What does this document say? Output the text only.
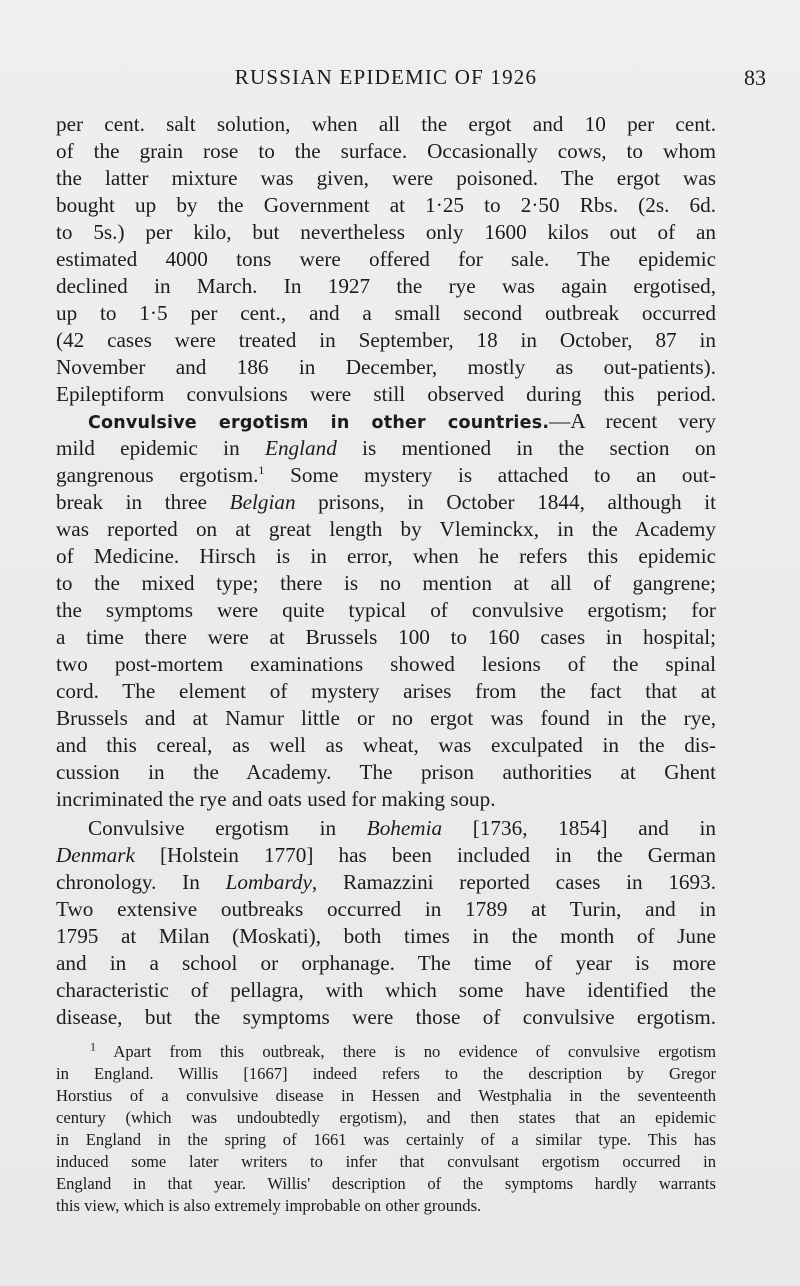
RUSSIAN EPIDEMIC OF 1926	83
per cent. salt solution, when all the ergot and 10 per cent.
of the grain rose to the surface. Occasionally cows, to whom
the latter mixture was given, were poisoned. The ergot was
bought up by the Government at 1·25 to 2·50 Rbs. (2s. 6d.
to 5s.) per kilo, but nevertheless only 1600 kilos out of an
estimated 4000 tons were offered for sale. The epidemic
declined in March. In 1927 the rye was again ergotised,
up to 1·5 per cent., and a small second outbreak occurred
(42 cases were treated in September, 18 in October, 87 in
November and 186 in December, mostly as out-patients).
Epileptiform convulsions were still observed during this period.
Convulsive ergotism in other countries.—A recent very
mild epidemic in England is mentioned in the section on
gangrenous ergotism.$^1$ Some mystery is attached to an out-
break in three Belgian prisons, in October 1844, although it
was reported on at great length by Vleminckx, in the Academy
of Medicine. Hirsch is in error, when he refers this epidemic
to the mixed type; there is no mention at all of gangrene;
the symptoms were quite typical of convulsive ergotism; for
a time there were at Brussels 100 to 160 cases in hospital;
two post-mortem examinations showed lesions of the spinal
cord. The element of mystery arises from the fact that at
Brussels and at Namur little or no ergot was found in the rye,
and this cereal, as well as wheat, was exculpated in the dis-
cussion in the Academy. The prison authorities at Ghent
incriminated the rye and oats used for making soup.
Convulsive ergotism in Bohemia [1736, 1854] and in
Denmark [Holstein 1770] has been included in the German
chronology. In Lombardy, Ramazzini reported cases in 1693.
Two extensive outbreaks occurred in 1789 at Turin, and in
1795 at Milan (Moskati), both times in the month of June
and in a school or orphanage. The time of year is more
characteristic of pellagra, with which some have identified the
disease, but the symptoms were those of convulsive ergotism.
$^1$ Apart from this outbreak, there is no evidence of convulsive ergotism
in England. Willis [1667] indeed refers to the description by Gregor
Horstius of a convulsive disease in Hessen and Westphalia in the seventeenth
century (which was undoubtedly ergotism), and then states that an epidemic
in England in the spring of 1661 was certainly of a similar type. This has
induced some later writers to infer that convulsant ergotism occurred in
England in that year. Willis' description of the symptoms hardly warrants
this view, which is also extremely improbable on other grounds.
